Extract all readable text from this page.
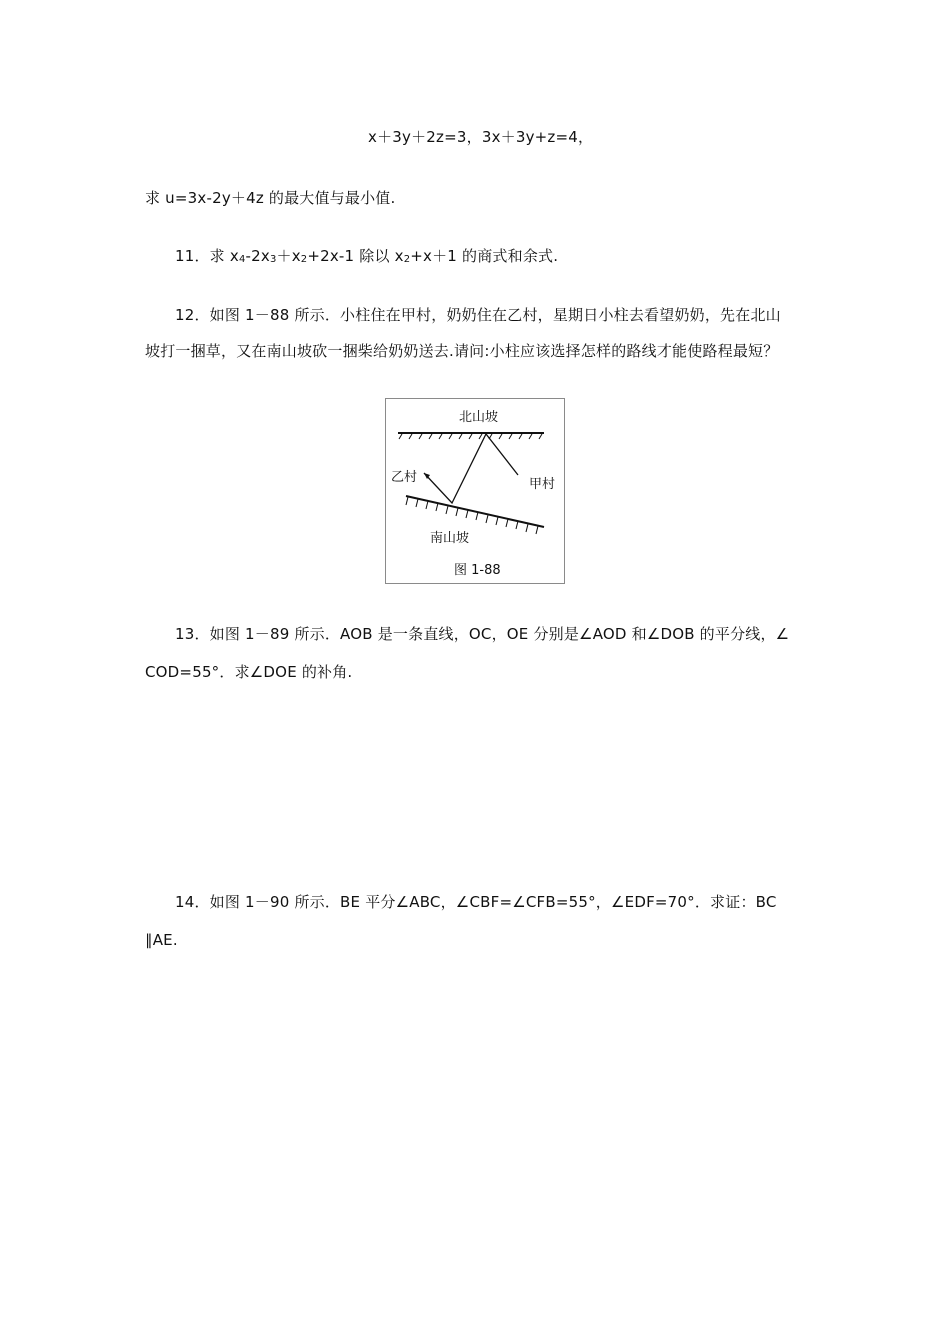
x＋3y＋2z=3，3x＋3y+z=4，
求 u=3x-2y＋4z 的最大值与最小值.
11．求 x4-2x3＋x2+2x-1 除以 x2+x＋1 的商式和余式.
12．如图 1－88 所示．小柱住在甲村，奶奶住在乙村，星期日小柱去看望奶奶，先在北山
坡打一捆草，又在南山坡砍一捆柴给奶奶送去.请问:小柱应该选择怎样的路线才能使路程最短？
北山坡
乙村	甲村
南山坡
图 1-88
13．如图 1－89 所示．AOB 是一条直线，OC，OE 分别是∠AOD 和∠DOB 的平分线，∠
COD=55°．求∠DOE 的补角.
14．如图 1－90 所示．BE 平分∠ABC，∠CBF=∠CFB=55°，∠EDF=70°．求证：BC
∥AE.
